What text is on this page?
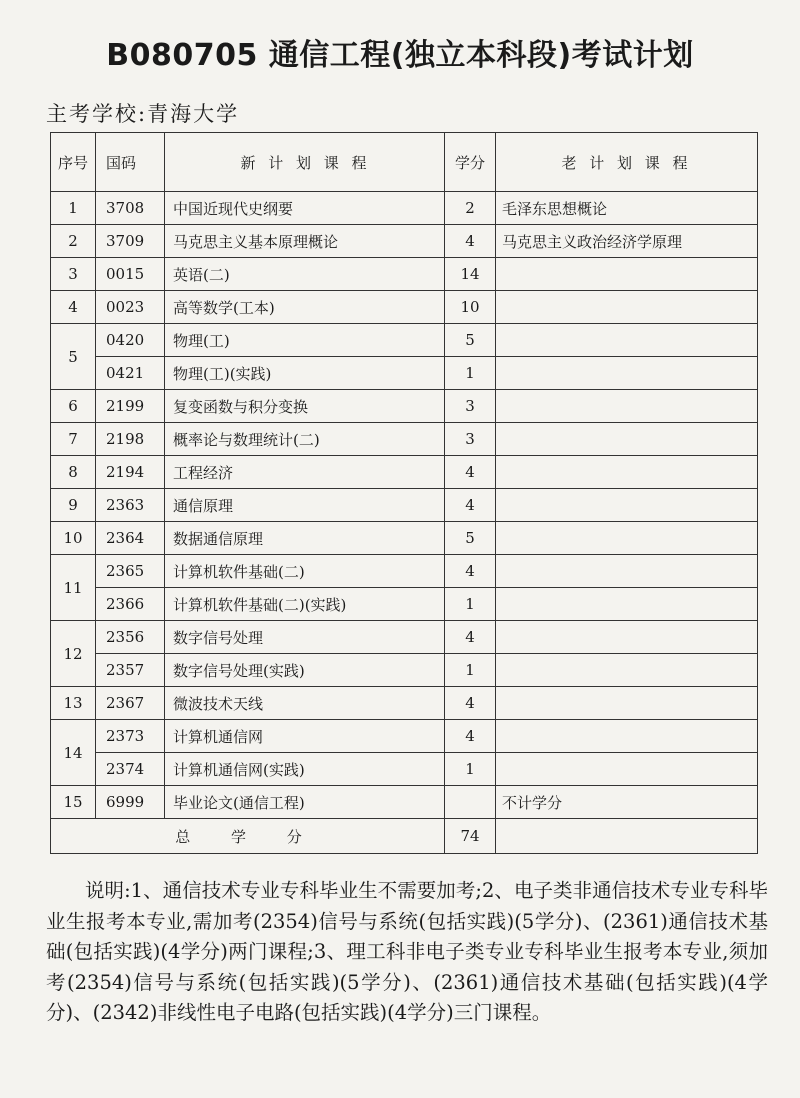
B080705 通信工程(独立本科段)考试计划
主考学校:青海大学
序号	国码	新 计 划 课 程	学分	老 计 划 课 程
1	3708	中国近现代史纲要	2	毛泽东思想概论
2	3709	马克思主义基本原理概论	4	马克思主义政治经济学原理
3	0015	英语(二)	14	
4	0023	高等数学(工本)	10	
5	0420	物理(工)	5	
	0421	物理(工)(实践)	1	
6	2199	复变函数与积分变换	3	
7	2198	概率论与数理统计(二)	3	
8	2194	工程经济	4	
9	2363	通信原理	4	
10	2364	数据通信原理	5	
11	2365	计算机软件基础(二)	4	
	2366	计算机软件基础(二)(实践)	1	
12	2356	数字信号处理	4	
	2357	数字信号处理(实践)	1	
13	2367	微波技术天线	4	
14	2373	计算机通信网	4	
	2374	计算机通信网(实践)	1	
15	6999	毕业论文(通信工程)		不计学分
总 学 分			74	
说明:1、通信技术专业专科毕业生不需要加考;2、电子类非通信技术专业专科毕业生报考本专业,需加考(2354)信号与系统(包括实践)(5学分)、(2361)通信技术基础(包括实践)(4学分)两门课程;3、理工科非电子类专业专科毕业生报考本专业,须加考(2354)信号与系统(包括实践)(5学分)、(2361)通信技术基础(包括实践)(4学分)、(2342)非线性电子电路(包括实践)(4学分)三门课程。
